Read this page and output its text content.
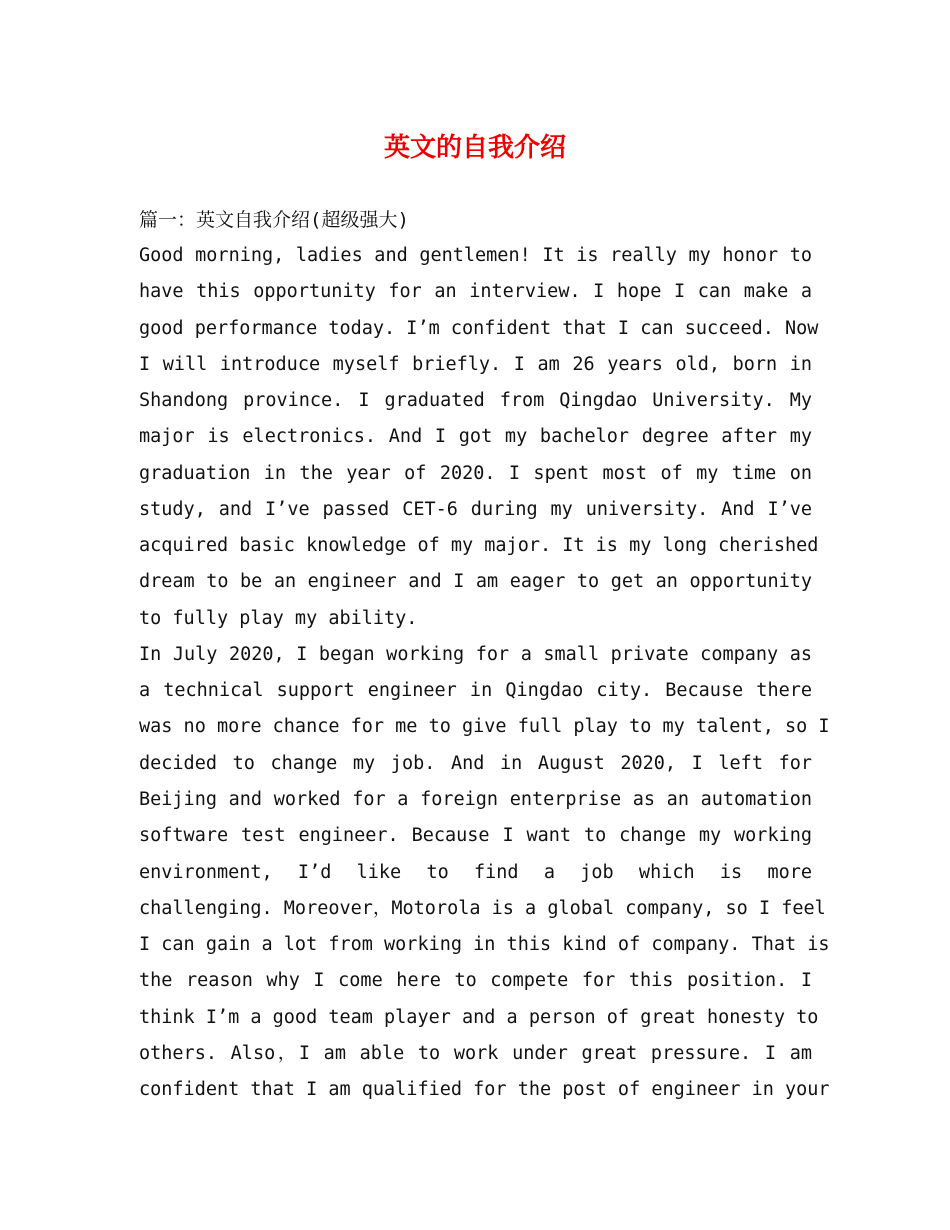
英文的自我介绍

篇一：英文自我介绍(超级强大)

Good morning, ladies and gentlemen! It is really my honor to

have this opportunity for an interview. I hope I can make a

good performance today. I’m confident that I can succeed. Now

I will introduce myself briefly. I am 26 years old, born in

Shandong province. I graduated from Qingdao University. My

major is electronics. And I got my bachelor degree after my

graduation in the year of 2020. I spent most of my time on

study, and I’ve passed CET-6 during my university. And I’ve

acquired basic knowledge of my major. It is my long cherished

dream to be an engineer and I am eager to get an opportunity

to fully play my ability.

In July 2020, I began working for a small private company as

a technical support engineer in Qingdao city. Because there

was no more chance for me to give full play to my talent, so I

decided to change my job. And in August 2020, I left for

Beijing and worked for a foreign enterprise as an automation

software test engineer. Because I want to change my working

environment, I’d like to find a job which is more

challenging. Moreover，Motorola is a global company, so I feel

I can gain a lot from working in this kind of company. That is

the reason why I come here to compete for this position. I

think I’m a good team player and a person of great honesty to

others. Also，I am able to work under great pressure. I am

confident that I am qualified for the post of engineer in your
